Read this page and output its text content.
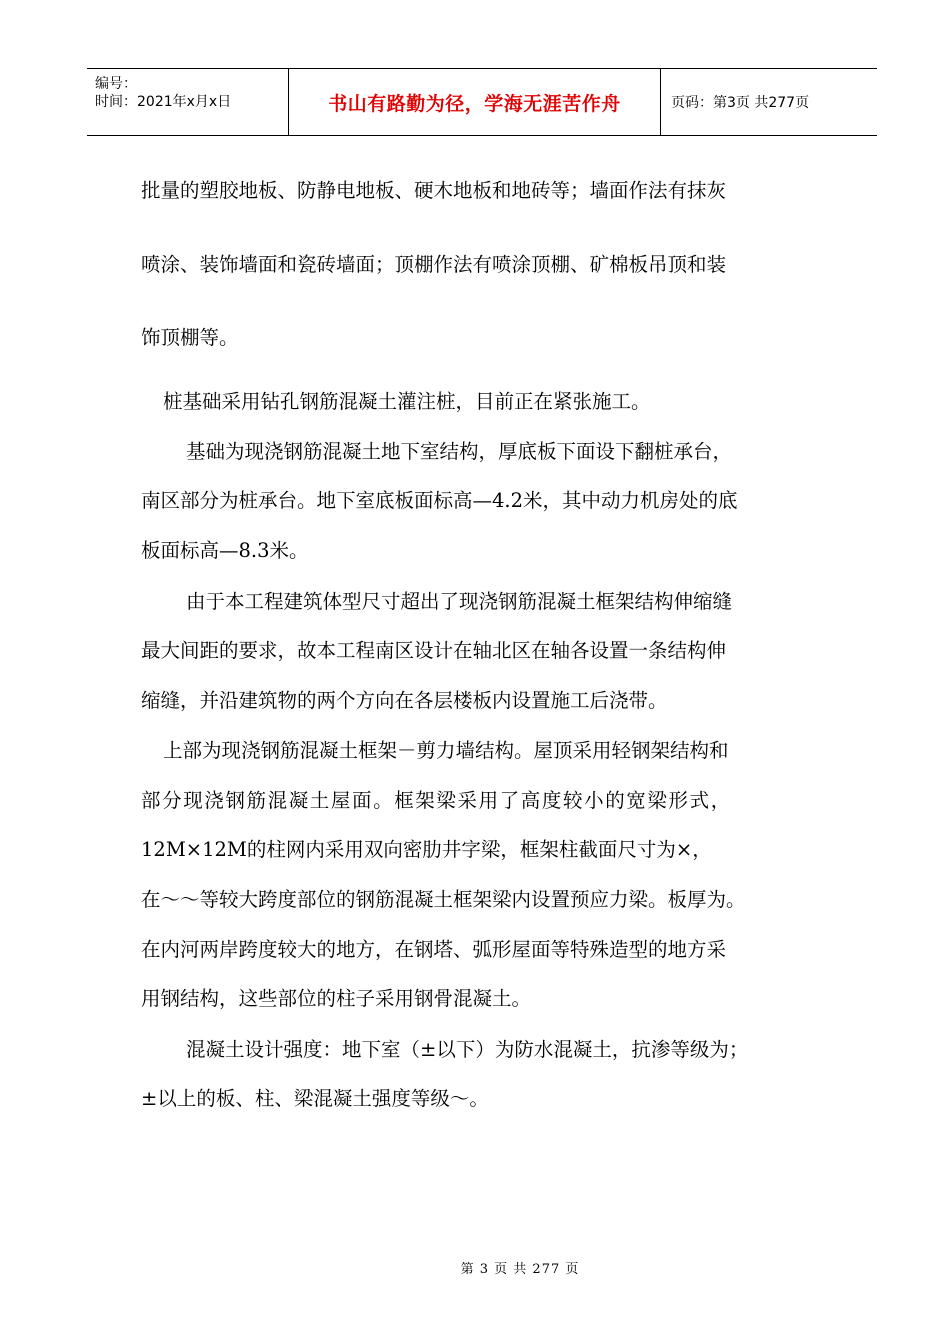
编号：
时间：2021年x月x日	书山有路勤为径，学海无涯苦作舟	页码：第3页 共277页
批量的塑胶地板、防静电地板、硬木地板和地砖等；墙面作法有抹灰
喷涂、装饰墙面和瓷砖墙面；顶棚作法有喷涂顶棚、矿棉板吊顶和装
饰顶棚等。
桩基础采用钻孔钢筋混凝土灌注桩，目前正在紧张施工。
基础为现浇钢筋混凝土地下室结构，厚底板下面设下翻桩承台，
南区部分为桩承台。地下室底板面标高—4.2米，其中动力机房处的底
板面标高—8.3米。
由于本工程建筑体型尺寸超出了现浇钢筋混凝土框架结构伸缩缝
最大间距的要求，故本工程南区设计在轴北区在轴各设置一条结构伸
缩缝，并沿建筑物的两个方向在各层楼板内设置施工后浇带。
上部为现浇钢筋混凝土框架－剪力墙结构。屋顶采用轻钢架结构和
部分现浇钢筋混凝土屋面。框架梁采用了高度较小的宽梁形式，
12M×12M的柱网内采用双向密肋井字梁，框架柱截面尺寸为×，
在～～等较大跨度部位的钢筋混凝土框架梁内设置预应力梁。板厚为。
在内河两岸跨度较大的地方，在钢塔、弧形屋面等特殊造型的地方采
用钢结构，这些部位的柱子采用钢骨混凝土。
混凝土设计强度：地下室（±以下）为防水混凝土，抗渗等级为；
±以上的板、柱、梁混凝土强度等级～。
第 3 页 共 277 页
